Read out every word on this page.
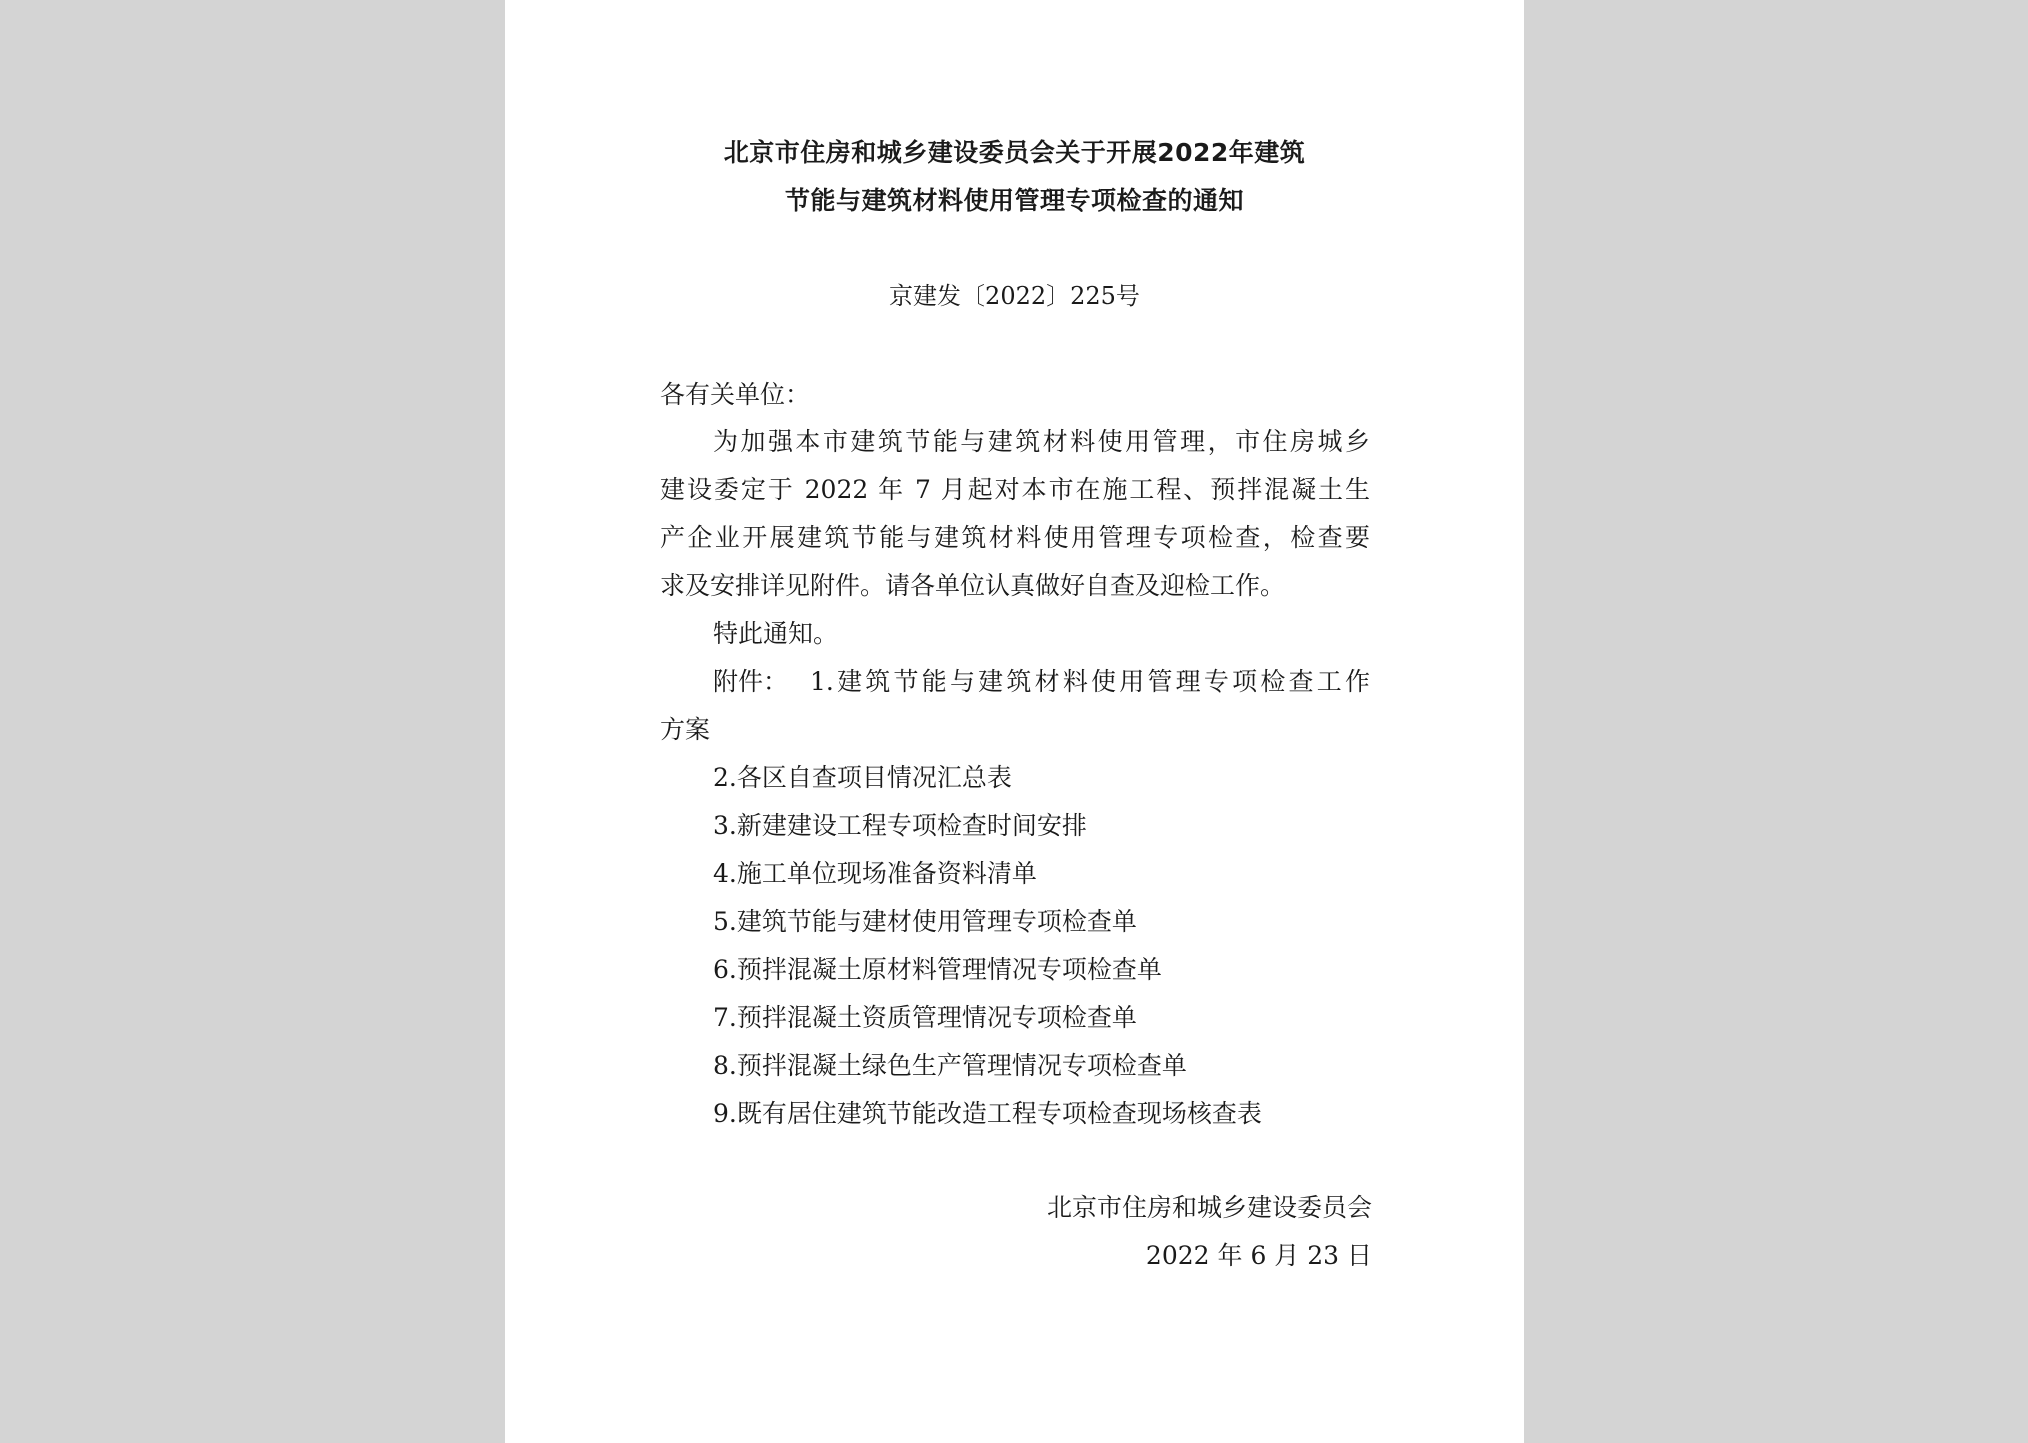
北京市住房和城乡建设委员会关于开展2022年建筑
节能与建筑材料使用管理专项检查的通知
京建发〔2022〕225号
各有关单位：
为加强本市建筑节能与建筑材料使用管理，市住房城乡
建设委定于 2022 年 7 月起对本市在施工程、预拌混凝土生
产企业开展建筑节能与建筑材料使用管理专项检查，检查要
求及安排详见附件。请各单位认真做好自查及迎检工作。
特此通知。
附件： 1.建筑节能与建筑材料使用管理专项检查工作
方案
2.各区自查项目情况汇总表
3.新建建设工程专项检查时间安排
4.施工单位现场准备资料清单
5.建筑节能与建材使用管理专项检查单
6.预拌混凝土原材料管理情况专项检查单
7.预拌混凝土资质管理情况专项检查单
8.预拌混凝土绿色生产管理情况专项检查单
9.既有居住建筑节能改造工程专项检查现场核查表
北京市住房和城乡建设委员会
2022 年 6 月 23 日
